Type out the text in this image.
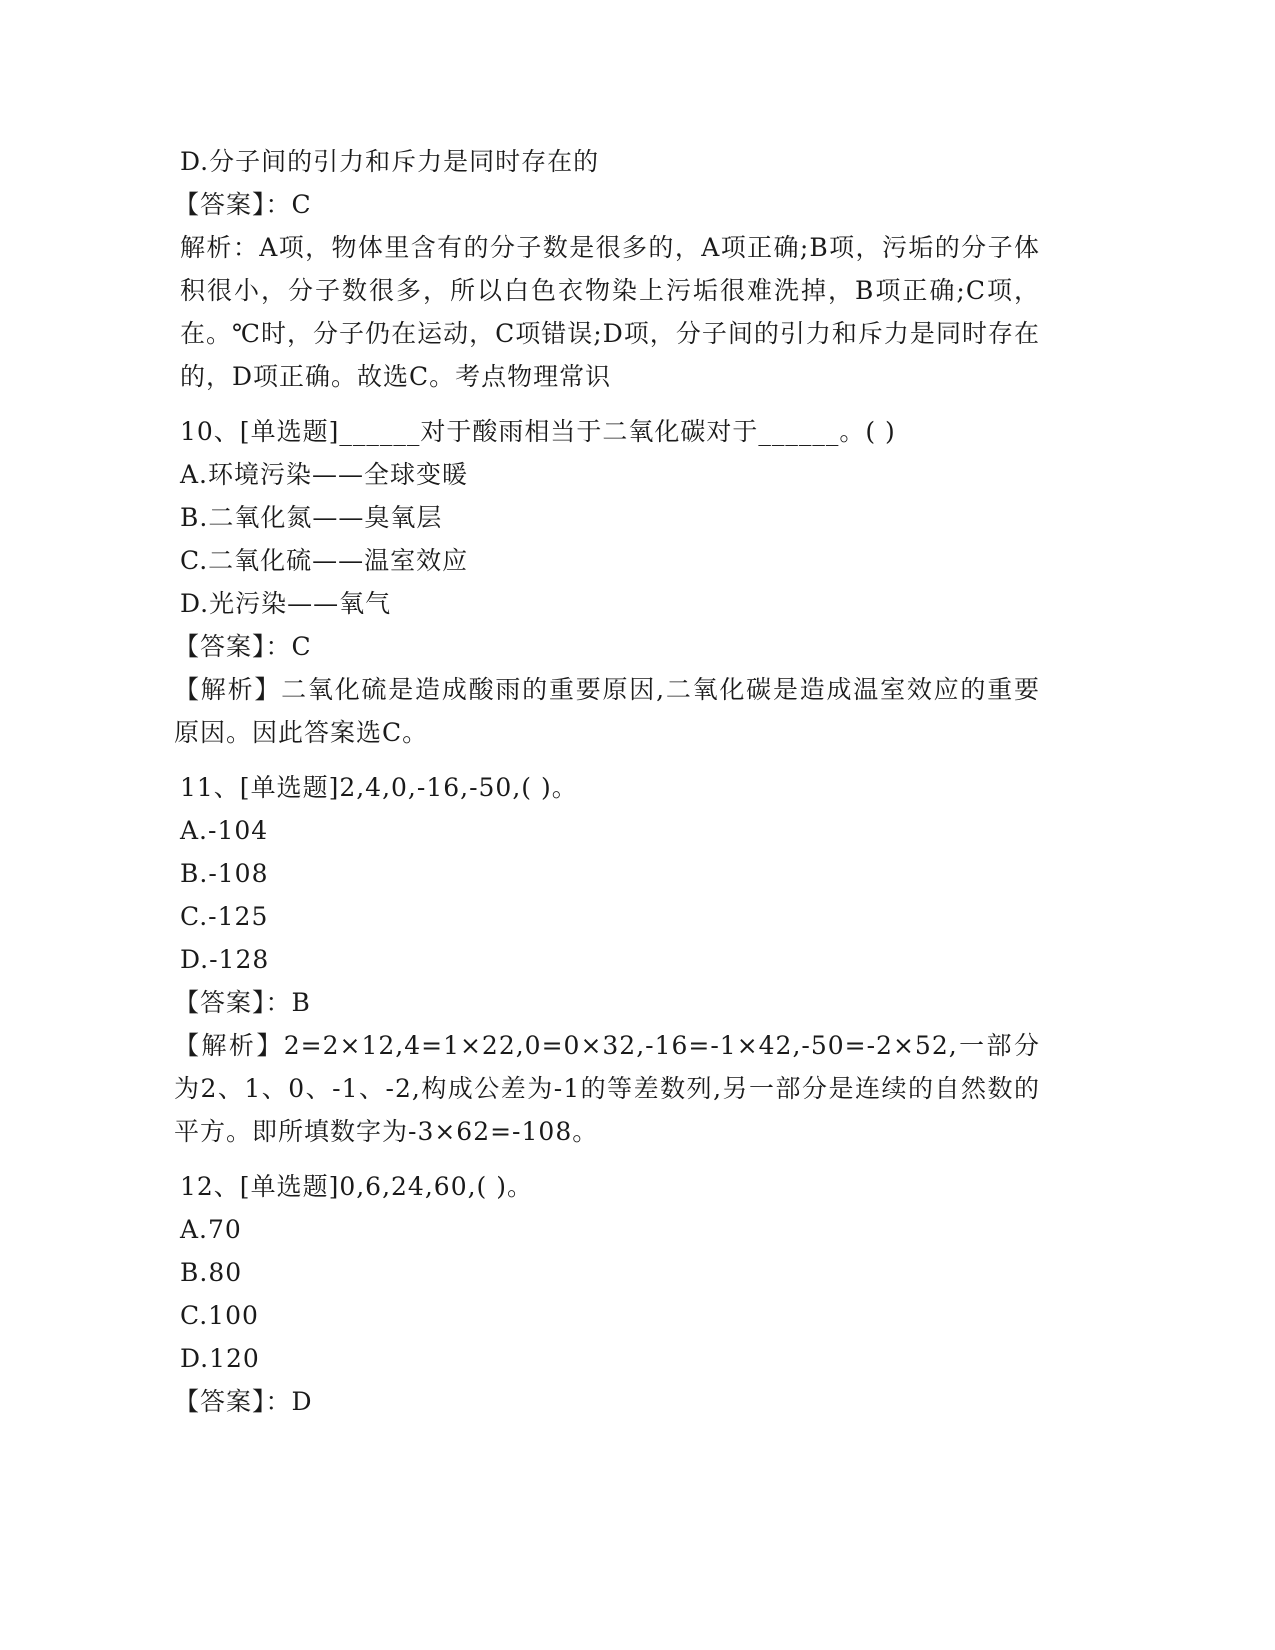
D.分子间的引力和斥力是同时存在的

【答案】：C

解析：A项，物体里含有的分子数是很多的，A项正确;B项，污垢的分子体积很小，分子数很多，所以白色衣物染上污垢很难洗掉，B项正确;C项，在。℃时，分子仍在运动，C项错误;D项，分子间的引力和斥力是同时存在的，D项正确。故选C。考点物理常识

10、[单选题]______对于酸雨相当于二氧化碳对于______。( )

A.环境污染——全球变暖

B.二氧化氮——臭氧层

C.二氧化硫——温室效应

D.光污染——氧气

【答案】：C

【解析】二氧化硫是造成酸雨的重要原因,二氧化碳是造成温室效应的重要原因。因此答案选C。

11、[单选题]2,4,0,-16,-50,( )。

A.-104

B.-108

C.-125

D.-128

【答案】：B

【解析】2=2×12,4=1×22,0=0×32,-16=-1×42,-50=-2×52,一部分为2、1、0、-1、-2,构成公差为-1的等差数列,另一部分是连续的自然数的平方。即所填数字为-3×62=-108。

12、[单选题]0,6,24,60,( )。

A.70

B.80

C.100

D.120

【答案】：D
